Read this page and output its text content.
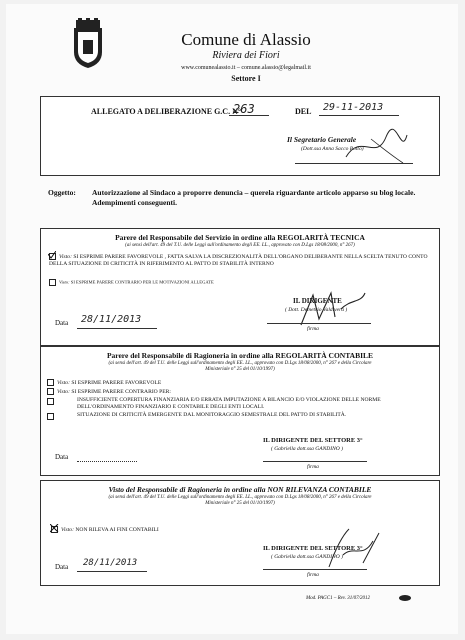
Comune di Alassio
Riviera dei Fiori
www.comunealassio.it – comune.alassio@legalmail.it
Settore I
ALLEGATO A DELIBERAZIONE G.C. N°
263	DEL 29-11-2013
Il Segretario Generale
(Dott.ssa Anna Sacco Botto)
Oggetto: Autorizzazione al Sindaco a proporre denuncia – querela riguardante articolo apparso su blog locale. Adempimenti conseguenti.
Parere del Responsabile del Servizio in ordine alla REGOLARITÀ TECNICA
(ai sensi dell'art. 49 del T.U. delle Leggi sull'ordinamento degli EE. LL., approvato con D.Lgs 18/08/2000, n° 267)
Visto: SI ESPRIME PARERE FAVOREVOLE , FATTA SALVA LA DISCREZIONALITÀ DELL'ORGANO DELIBERANTE NELLA SCELTA TENUTO CONTO DELLA SITUAZIONE DI CRITICITÀ IN RIFERIMENTO AL PATTO DI STABILITÀ INTERNO
Visto: SI ESPRIME PARERE CONTRARIO PER LE MOTIVAZIONI ALLEGATE
Data 28/11/2013
IL DIRIGENTE
( Dott. Demetrio Valdivera )
firma
Parere del Responsabile di Ragioneria in ordine alla REGOLARITÀ CONTABILE
(ai sensi dell'art. 49 del T.U. delle Leggi sull'ordinamento degli EE. LL., approvato con D.Lgs 18/08/2000, n° 267 e della Circolare
Ministeriale n° 25 del 01/10/1997)
Visto: SI ESPRIME PARERE FAVOREVOLE
Visto: SI ESPRIME PARERE CONTRARIO PER:
INSUFFICIENTE COPERTURA FINANZIARIA E/O ERRATA IMPUTAZIONE A BILANCIO E/O VIOLAZIONE DELLE NORME DELL'ORDINAMENTO FINANZIARIO E CONTABILE DEGLI ENTI LOCALI.
SITUAZIONE DI CRITICITÀ EMERGENTE DAL MONITORAGGIO SEMESTRALE DEL PATTO DI STABILITÀ.
Data
IL DIRIGENTE DEL SETTORE 3°
( Gabriella dott.ssa GANDINO )
firma
Visto del Responsabile di Ragioneria in ordine alla NON RILEVANZA CONTABILE
(ai sensi dell'art. 49 del T.U. delle Leggi sull'ordinamento degli EE. LL., approvato con D.Lgs 18/08/2000, n° 267 e della Circolare
Ministeriale n° 25 del 01/10/1997)
Visto: NON RILEVA AI FINI CONTABILI
Data 28/11/2013
IL DIRIGENTE DEL SETTORE 3°
( Gabriella dott.ssa GANDINO )
firma
Mod. PAGC1 – Rev. 31/07/2012
